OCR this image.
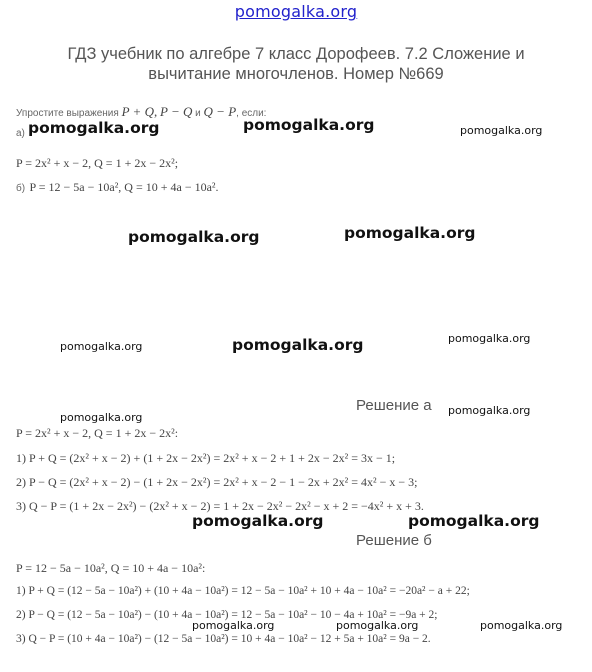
pomogalka.org
ГДЗ учебник по алгебре 7 класс Дорофеев. 7.2 Сложение и
вычитание многочленов. Номер №669
Упростите выражения P + Q, P − Q и Q − P, если:
а)
P = 2x² + x − 2, Q = 1 + 2x − 2x²;
б) P = 12 − 5a − 10a², Q = 10 + 4a − 10a².
Решение а
P = 2x² + x − 2, Q = 1 + 2x − 2x²:
1) P + Q = (2x² + x − 2) + (1 + 2x − 2x²) = 2x² + x − 2 + 1 + 2x − 2x² = 3x − 1;
2) P − Q = (2x² + x − 2) − (1 + 2x − 2x²) = 2x² + x − 2 − 1 − 2x + 2x² = 4x² − x − 3;
3) Q − P = (1 + 2x − 2x²) − (2x² + x − 2) = 1 + 2x − 2x² − 2x² − x + 2 = −4x² + x + 3.
Решение б
P = 12 − 5a − 10a², Q = 10 + 4a − 10a²:
1) P + Q = (12 − 5a − 10a²) + (10 + 4a − 10a²) = 12 − 5a − 10a² + 10 + 4a − 10a² = −20a² − a + 22;
2) P − Q = (12 − 5a − 10a²) − (10 + 4a − 10a²) = 12 − 5a − 10a² − 10 − 4a + 10a² = −9a + 2;
3) Q − P = (10 + 4a − 10a²) − (12 − 5a − 10a²) = 10 + 4a − 10a² − 12 + 5a + 10a² = 9a − 2.
pomogalka.org	pomogalka.org	pomogalka.org
pomogalka.org	pomogalka.org
pomogalka.org	pomogalka.org	pomogalka.org
pomogalka.org
pomogalka.org
pomogalka.org	pomogalka.org
pomogalka.org	pomogalka.org	pomogalka.org
